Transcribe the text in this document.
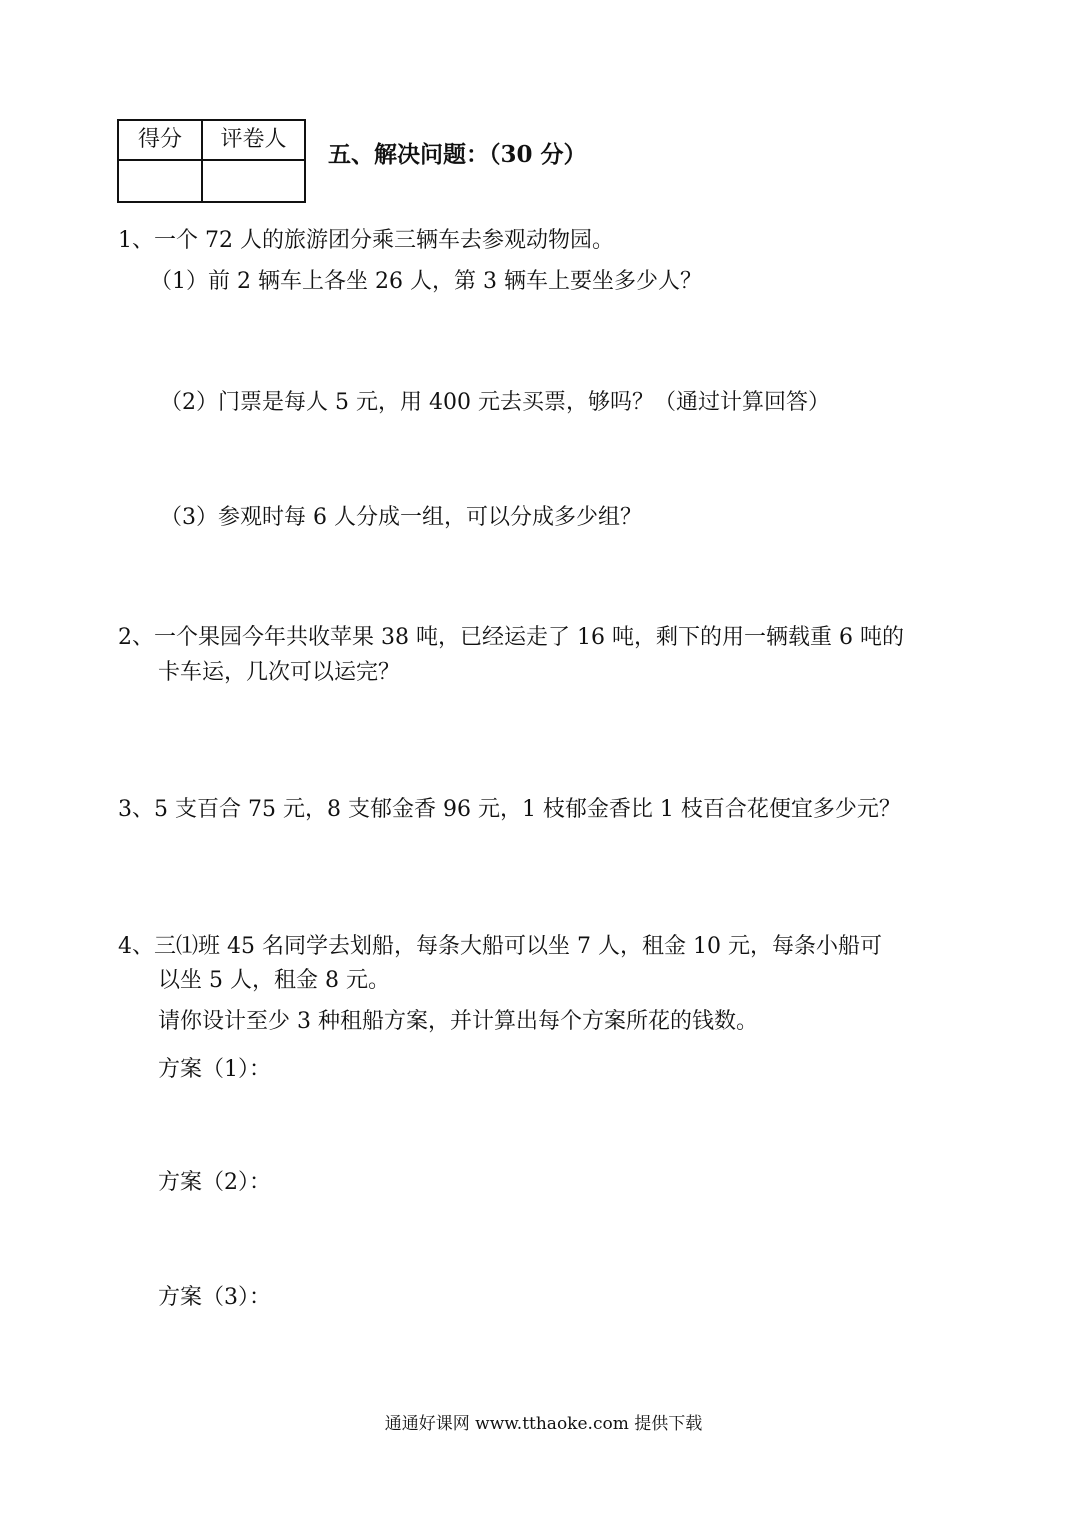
得分	评卷人

五、解决问题：（30 分）
1、一个 72 人的旅游团分乘三辆车去参观动物园。
（1）前 2 辆车上各坐 26 人，第 3 辆车上要坐多少人？
（2）门票是每人 5 元，用 400 元去买票，够吗？（通过计算回答）
（3）参观时每 6 人分成一组，可以分成多少组？
2、一个果园今年共收苹果 38 吨，已经运走了 16 吨，剩下的用一辆载重 6 吨的
卡车运，几次可以运完？
3、5 支百合 75 元，8 支郁金香 96 元，1 枝郁金香比 1 枝百合花便宜多少元？
4、三⑴班 45 名同学去划船，每条大船可以坐 7 人，租金 10 元，每条小船可
以坐 5 人，租金 8 元。
请你设计至少 3 种租船方案，并计算出每个方案所花的钱数。
方案（1）：
方案（2）：
方案（3）：
通通好课网 www.tthaoke.com 提供下载
